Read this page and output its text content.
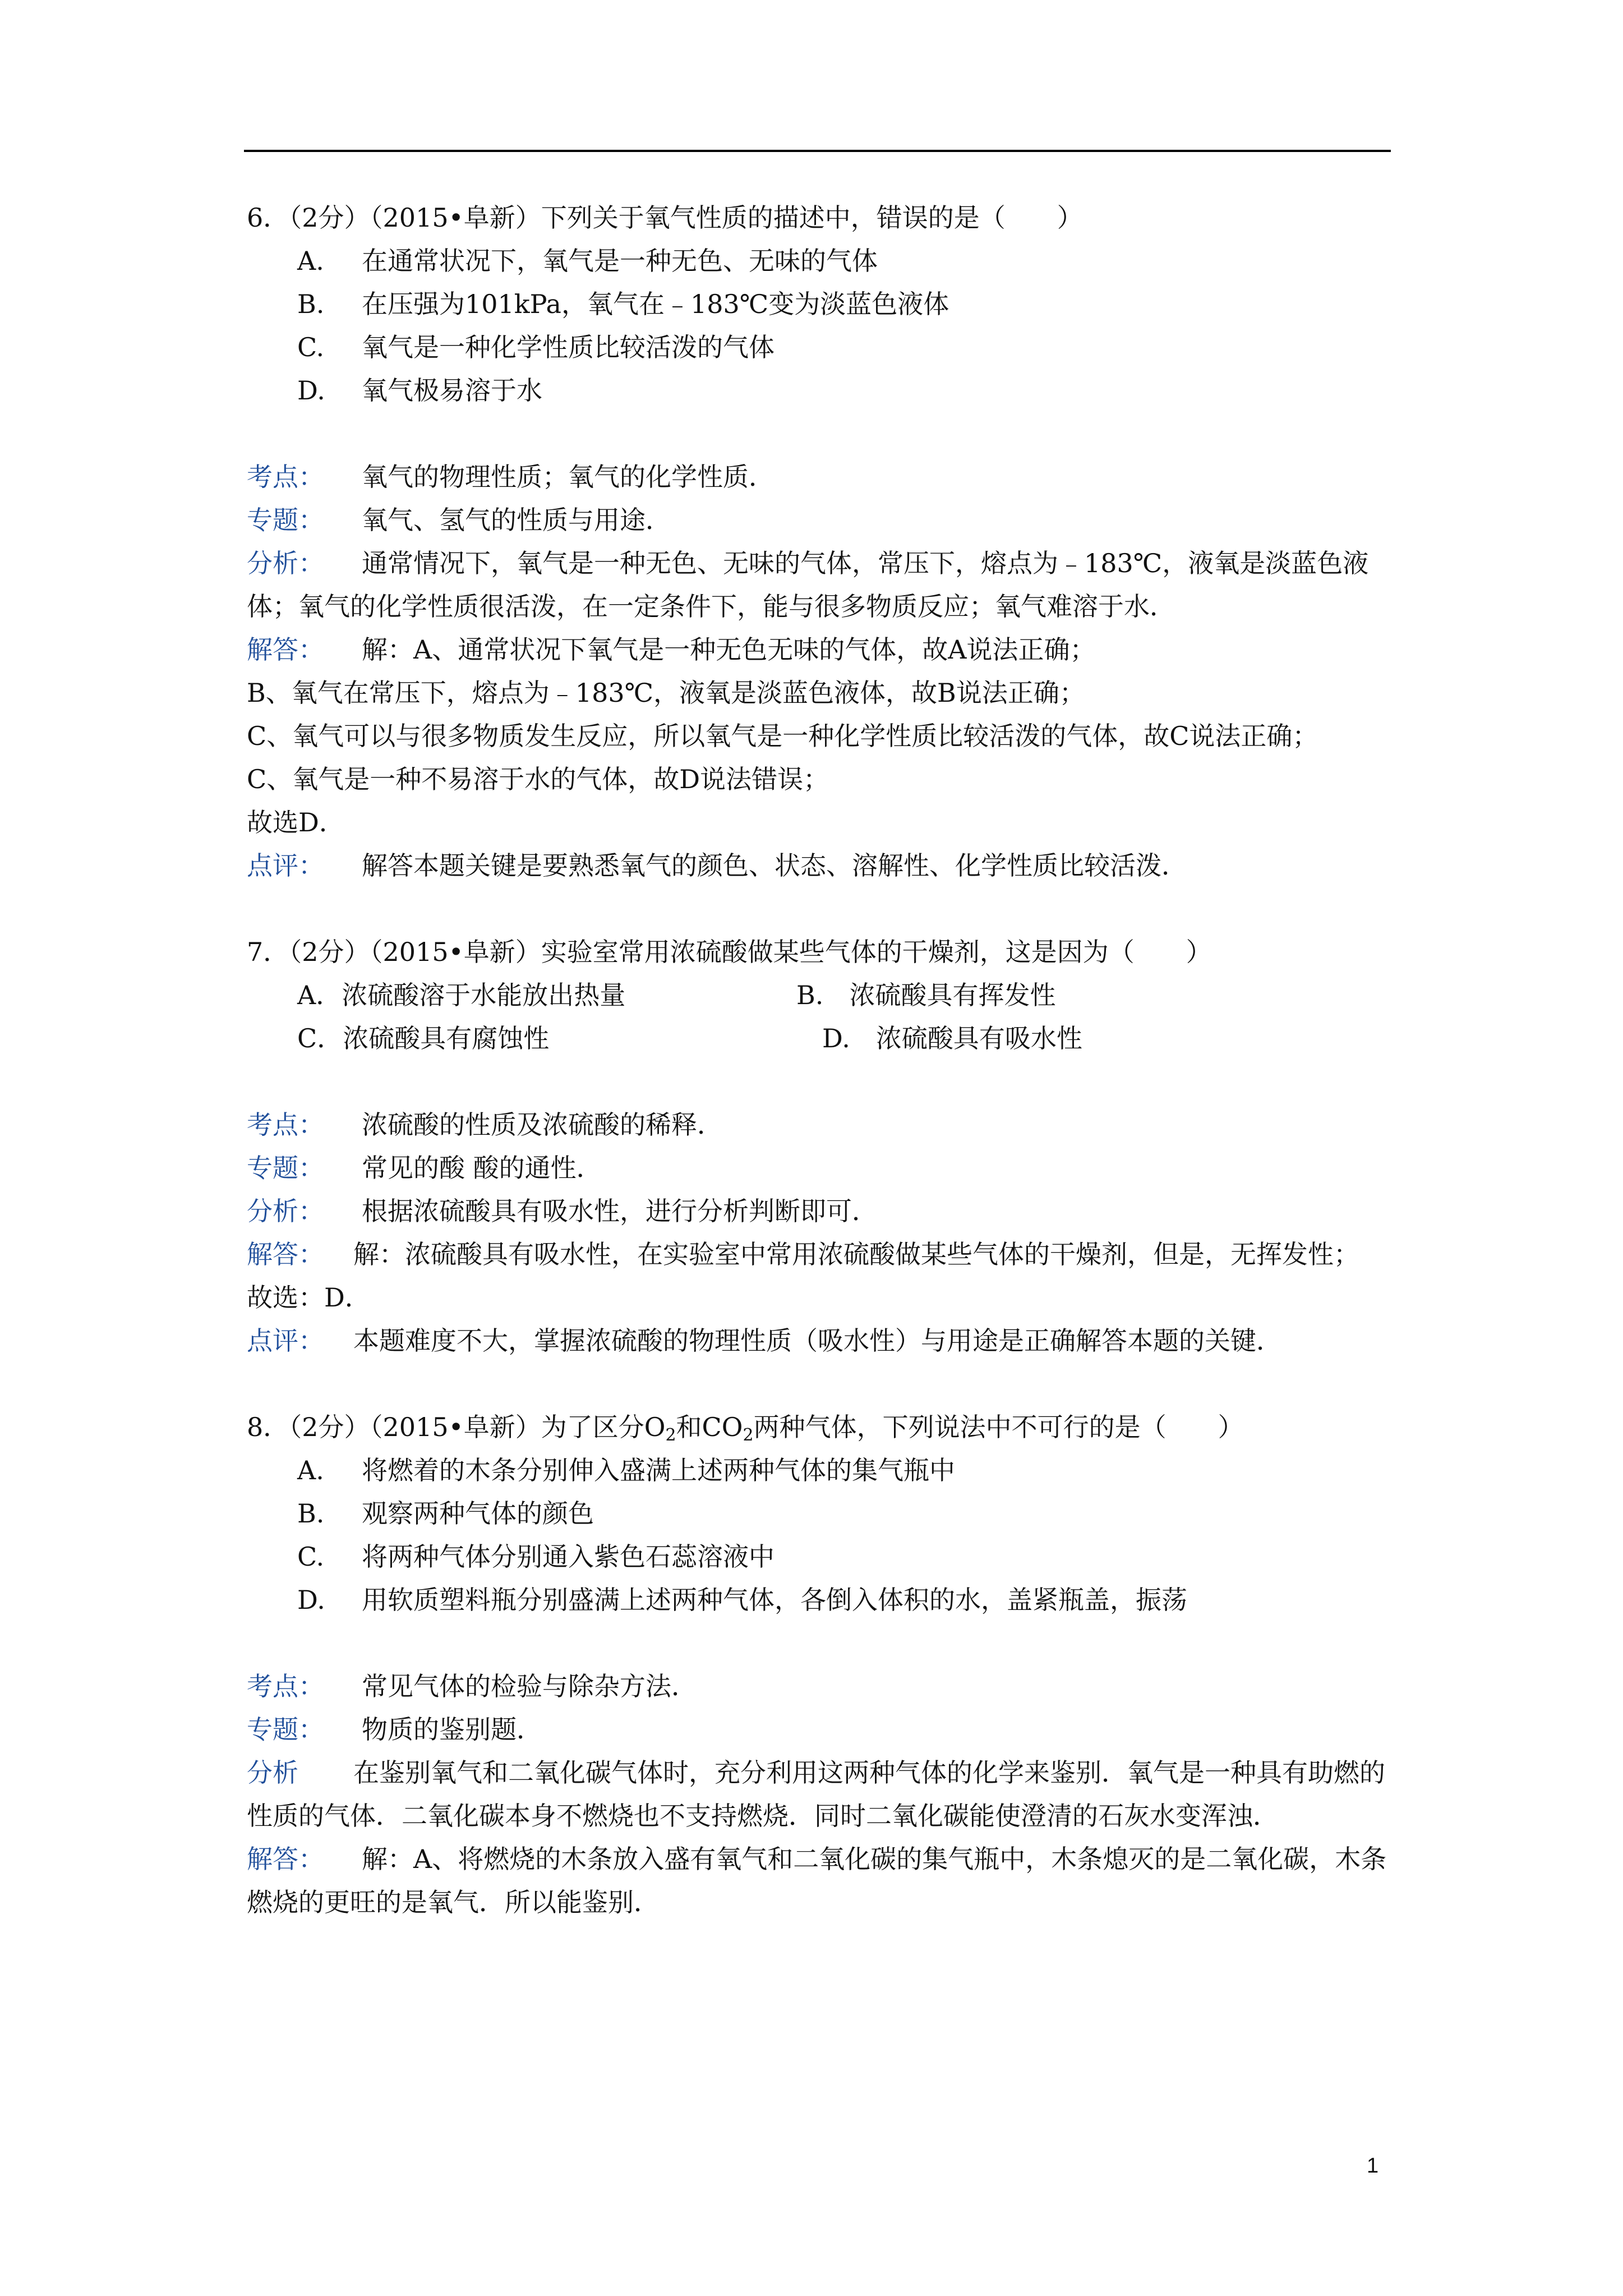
6．（2分）（2015•阜新）下列关于氧气性质的描述中，错误的是（　　）
A. 在通常状况下，氧气是一种无色、无味的气体
B. 在压强为101kPa，氧气在﹣183℃变为淡蓝色液体
C. 氧气是一种化学性质比较活泼的气体
D. 氧气极易溶于水
考点： 氧气的物理性质；氧气的化学性质．
专题： 氧气、氢气的性质与用途．
分析： 通常情况下，氧气是一种无色、无味的气体，常压下，熔点为﹣183℃，液氧是淡蓝色液体；氧气的化学性质很活泼，在一定条件下，能与很多物质反应；氧气难溶于水．
解答： 解：A、通常状况下氧气是一种无色无味的气体，故A说法正确；
B、氧气在常压下，熔点为﹣183℃，液氧是淡蓝色液体，故B说法正确；
C、氧气可以与很多物质发生反应，所以氧气是一种化学性质比较活泼的气体，故C说法正确；
C、氧气是一种不易溶于水的气体，故D说法错误；
故选D．
点评： 解答本题关键是要熟悉氧气的颜色、状态、溶解性、化学性质比较活泼．
7．（2分）（2015•阜新）实验室常用浓硫酸做某些气体的干燥剂，这是因为（　　）
A．浓硫酸溶于水能放出热量	B.　浓硫酸具有挥发性
C．浓硫酸具有腐蚀性	　D.　浓硫酸具有吸水性
考点： 浓硫酸的性质及浓硫酸的稀释．
专题： 常见的酸 酸的通性．
分析： 根据浓硫酸具有吸水性，进行分析判断即可．
解答： 解：浓硫酸具有吸水性，在实验室中常用浓硫酸做某些气体的干燥剂，但是，无挥发性；
故选：D．
点评： 本题难度不大，掌握浓硫酸的物理性质（吸水性）与用途是正确解答本题的关键．
8．（2分）（2015•阜新）为了区分$O_2$和$CO_2$两种气体，下列说法中不可行的是（　　）
A. 将燃着的木条分别伸入盛满上述两种气体的集气瓶中
B. 观察两种气体的颜色
C. 将两种气体分别通入紫色石蕊溶液中
D. 用软质塑料瓶分别盛满上述两种气体，各倒入体积的水，盖紧瓶盖，振荡
考点： 常见气体的检验与除杂方法．
专题： 物质的鉴别题．
分析 在鉴别氧气和二氧化碳气体时，充分利用这两种气体的化学来鉴别．氧气是一种具有助燃的性质的气体．二氧化碳本身不燃烧也不支持燃烧．同时二氧化碳能使澄清的石灰水变浑浊．
解答： 解：A、将燃烧的木条放入盛有氧气和二氧化碳的集气瓶中，木条熄灭的是二氧化碳，木条燃烧的更旺的是氧气．所以能鉴别．
1
